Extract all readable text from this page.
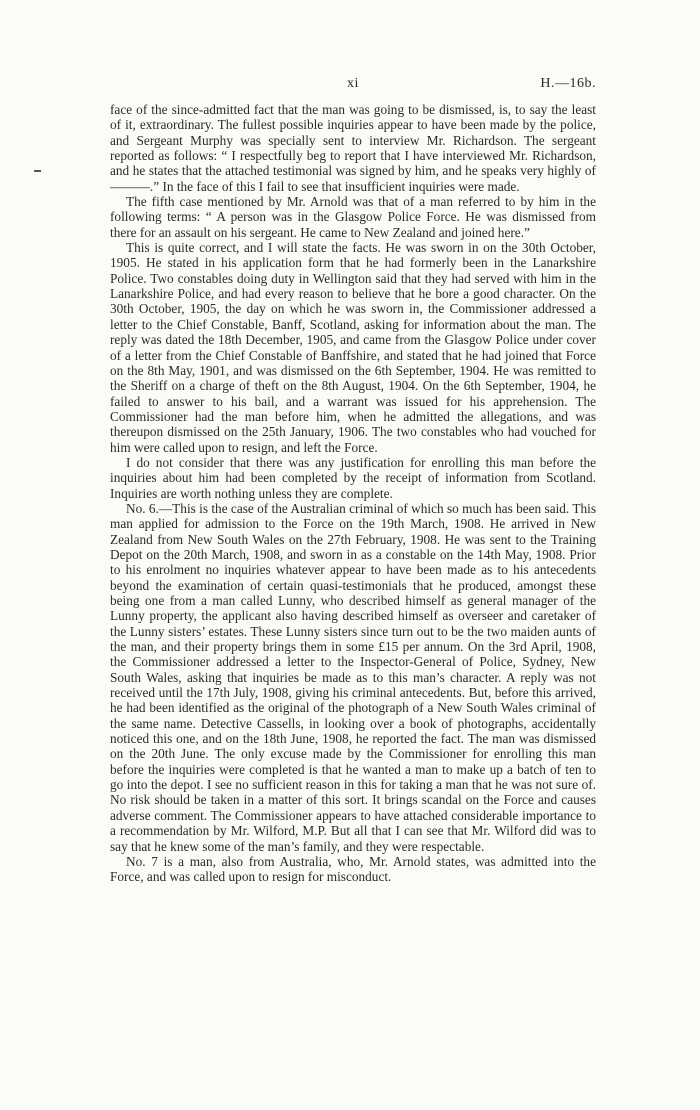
xi	H.—16b.

face of the since-admitted fact that the man was going to be dismissed, is, to say the least of it, extraordinary. The fullest possible inquiries appear to have been made by the police, and Sergeant Murphy was specially sent to interview Mr. Richardson. The sergeant reported as follows: “ I respectfully beg to report that I have interviewed Mr. Richardson, and he states that the attached testimonial was signed by him, and he speaks very highly of ———.” In the face of this I fail to see that insufficient inquiries were made.

The fifth case mentioned by Mr. Arnold was that of a man referred to by him in the following terms: “ A person was in the Glasgow Police Force. He was dismissed from there for an assault on his sergeant. He came to New Zealand and joined here.”

This is quite correct, and I will state the facts. He was sworn in on the 30th October, 1905. He stated in his application form that he had formerly been in the Lanarkshire Police. Two constables doing duty in Wellington said that they had served with him in the Lanarkshire Police, and had every reason to believe that he bore a good character. On the 30th October, 1905, the day on which he was sworn in, the Commissioner addressed a letter to the Chief Constable, Banff, Scotland, asking for information about the man. The reply was dated the 18th December, 1905, and came from the Glasgow Police under cover of a letter from the Chief Constable of Banffshire, and stated that he had joined that Force on the 8th May, 1901, and was dismissed on the 6th September, 1904. He was remitted to the Sheriff on a charge of theft on the 8th August, 1904. On the 6th September, 1904, he failed to answer to his bail, and a warrant was issued for his apprehension. The Commissioner had the man before him, when he admitted the allegations, and was thereupon dismissed on the 25th January, 1906. The two constables who had vouched for him were called upon to resign, and left the Force.

I do not consider that there was any justification for enrolling this man before the inquiries about him had been completed by the receipt of information from Scotland. Inquiries are worth nothing unless they are complete.

No. 6.—This is the case of the Australian criminal of which so much has been said. This man applied for admission to the Force on the 19th March, 1908. He arrived in New Zealand from New South Wales on the 27th February, 1908. He was sent to the Training Depot on the 20th March, 1908, and sworn in as a constable on the 14th May, 1908. Prior to his enrolment no inquiries whatever appear to have been made as to his antecedents beyond the examination of certain quasi-testimonials that he produced, amongst these being one from a man called Lunny, who described himself as general manager of the Lunny property, the applicant also having described himself as overseer and caretaker of the Lunny sisters’ estates. These Lunny sisters since turn out to be the two maiden aunts of the man, and their property brings them in some £15 per annum. On the 3rd April, 1908, the Commissioner addressed a letter to the Inspector-General of Police, Sydney, New South Wales, asking that inquiries be made as to this man’s character. A reply was not received until the 17th July, 1908, giving his criminal antecedents. But, before this arrived, he had been identified as the original of the photograph of a New South Wales criminal of the same name. Detective Cassells, in looking over a book of photographs, accidentally noticed this one, and on the 18th June, 1908, he reported the fact. The man was dismissed on the 20th June. The only excuse made by the Commissioner for enrolling this man before the inquiries were completed is that he wanted a man to make up a batch of ten to go into the depot. I see no sufficient reason in this for taking a man that he was not sure of. No risk should be taken in a matter of this sort. It brings scandal on the Force and causes adverse comment. The Commissioner appears to have attached considerable importance to a recommendation by Mr. Wilford, M.P. But all that I can see that Mr. Wilford did was to say that he knew some of the man’s family, and they were respectable.

No. 7 is a man, also from Australia, who, Mr. Arnold states, was admitted into the Force, and was called upon to resign for misconduct.
